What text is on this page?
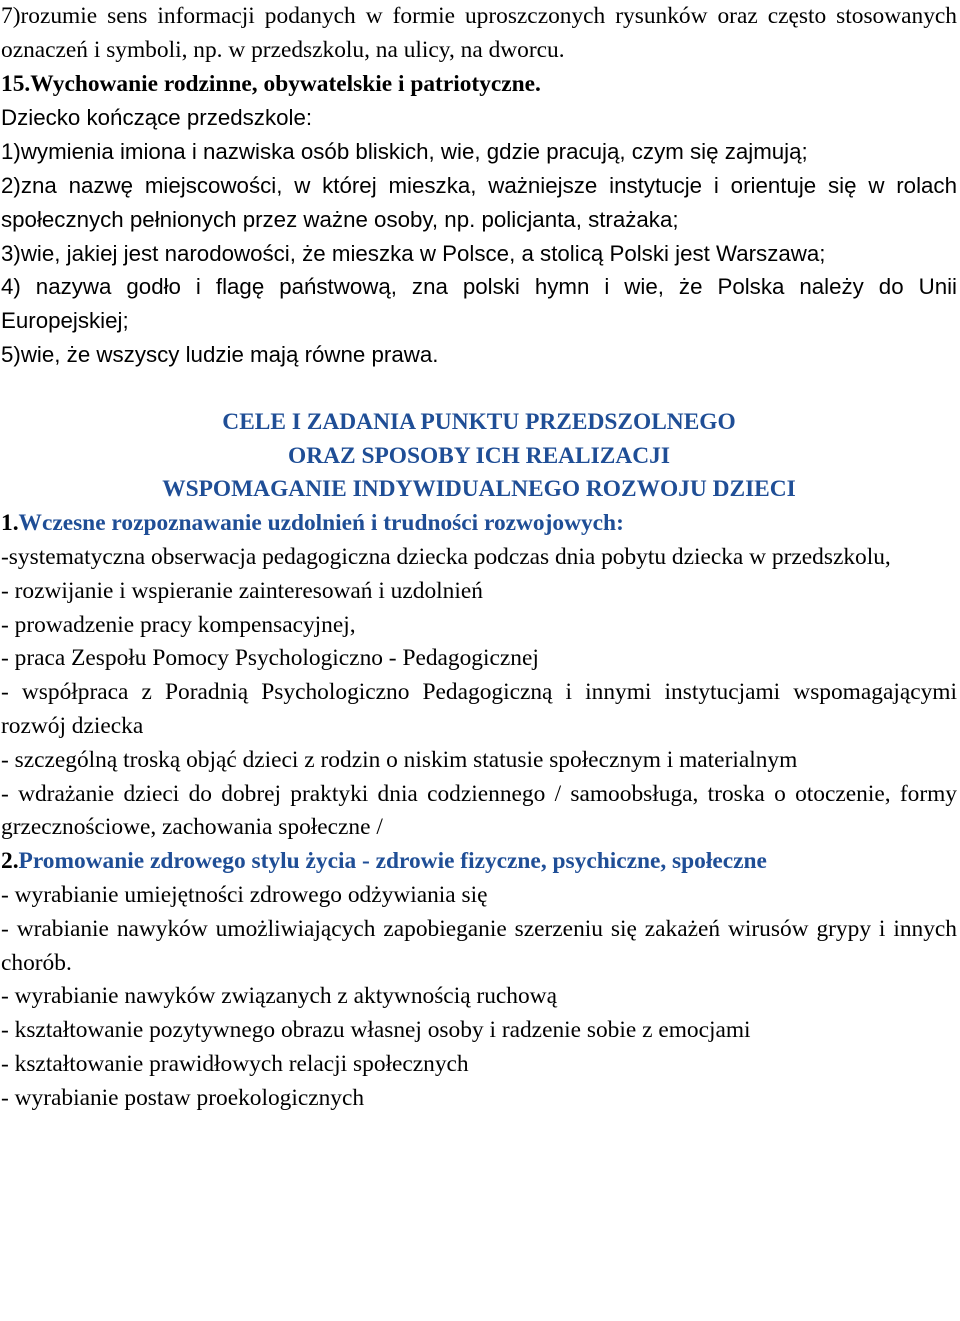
7)rozumie sens informacji podanych w formie uproszczonych rysunków oraz często stosowanych oznaczeń i symboli, np. w przedszkolu, na ulicy, na dworcu.

15.Wychowanie rodzinne, obywatelskie i patriotyczne.

Dziecko kończące przedszkole:

1)wymienia imiona i nazwiska osób bliskich, wie, gdzie pracują, czym się zajmują;

2)zna nazwę miejscowości, w której mieszka, ważniejsze instytucje i orientuje się w rolach społecznych pełnionych przez ważne osoby, np. policjanta, strażaka;

3)wie, jakiej jest narodowości, że mieszka w Polsce, a stolicą Polski jest Warszawa;

4) nazywa godło i flagę państwową, zna polski hymn i wie, że Polska należy do Unii Europejskiej;

5)wie, że wszyscy ludzie mają równe prawa.

CELE I ZADANIA PUNKTU PRZEDSZOLNEGO
ORAZ SPOSOBY ICH REALIZACJI
WSPOMAGANIE INDYWIDUALNEGO ROZWOJU DZIECI

1.Wczesne rozpoznawanie uzdolnień i trudności rozwojowych:

-systematyczna obserwacja pedagogiczna dziecka podczas dnia pobytu dziecka w przedszkolu,

- rozwijanie i wspieranie zainteresowań i uzdolnień

- prowadzenie pracy kompensacyjnej,

- praca Zespołu Pomocy Psychologiczno - Pedagogicznej

- współpraca z Poradnią Psychologiczno Pedagogiczną i innymi instytucjami wspomagającymi rozwój dziecka

- szczególną troską objąć dzieci z rodzin o niskim statusie społecznym i materialnym

- wdrażanie dzieci do dobrej praktyki dnia codziennego / samoobsługa, troska o otoczenie, formy grzecznościowe, zachowania społeczne /

2.Promowanie zdrowego stylu życia - zdrowie fizyczne, psychiczne, społeczne

- wyrabianie umiejętności zdrowego odżywiania się

- wrabianie nawyków umożliwiających zapobieganie szerzeniu się zakażeń wirusów grypy i innych chorób.

- wyrabianie nawyków związanych z aktywnością ruchową

- kształtowanie pozytywnego obrazu własnej osoby i radzenie sobie z emocjami

- kształtowanie prawidłowych relacji społecznych

- wyrabianie postaw proekologicznych
